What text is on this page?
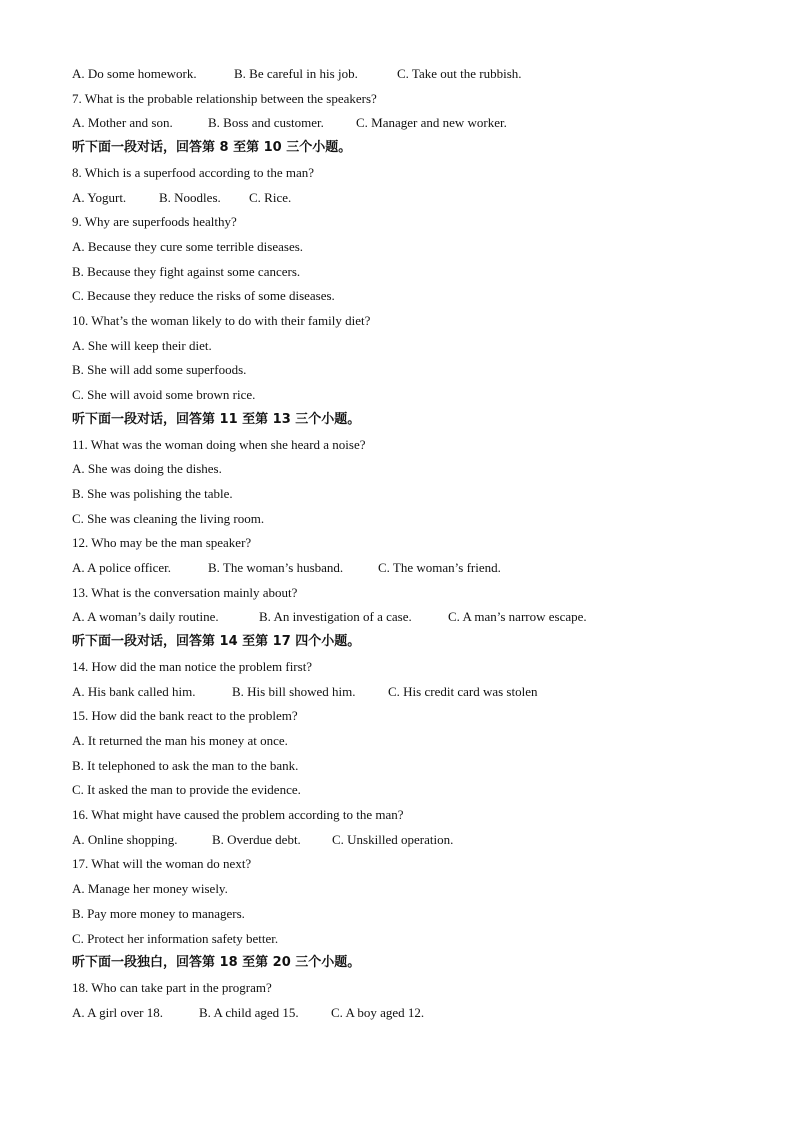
A. Do some homework.	B. Be careful in his job.	C. Take out the rubbish.
7. What is the probable relationship between the speakers?
A. Mother and son.	B. Boss and customer. C. Manager and new worker.
听下面一段对话，回答第 8 至第 10 三个小题。
8. Which is a superfood according to the man?
A. Yogurt.	B. Noodles. C. Rice.
9. Why are superfoods healthy?
A. Because they cure some terrible diseases.
B. Because they fight against some cancers.
C. Because they reduce the risks of some diseases.
10. What’s the woman likely to do with their family diet?
A. She will keep their diet.
B. She will add some superfoods.
C. She will avoid some brown rice.
听下面一段对话，回答第 11 至第 13 三个小题。
11. What was the woman doing when she heard a noise?
A. She was doing the dishes.
B. She was polishing the table.
C. She was cleaning the living room.
12. Who may be the man speaker?
A. A police officer.	B. The woman’s husband.	C. The woman’s friend.
13. What is the conversation mainly about?
A. A woman’s daily routine.	B. An investigation of a case.	C. A man’s narrow escape.
听下面一段对话，回答第 14 至第 17 四个小题。
14. How did the man notice the problem first?
A. His bank called him.	B. His bill showed him. C. His credit card was stolen
15. How did the bank react to the problem?
A. It returned the man his money at once.
B. It telephoned to ask the man to the bank.
C. It asked the man to provide the evidence.
16. What might have caused the problem according to the man?
A. Online shopping.	B. Overdue debt. C. Unskilled operation.
17. What will the woman do next?
A. Manage her money wisely.
B. Pay more money to managers.
C. Protect her information safety better.
听下面一段独白，回答第 18 至第 20 三个小题。
18. Who can take part in the program?
A. A girl over 18.	B. A child aged 15. C. A boy aged 12.
